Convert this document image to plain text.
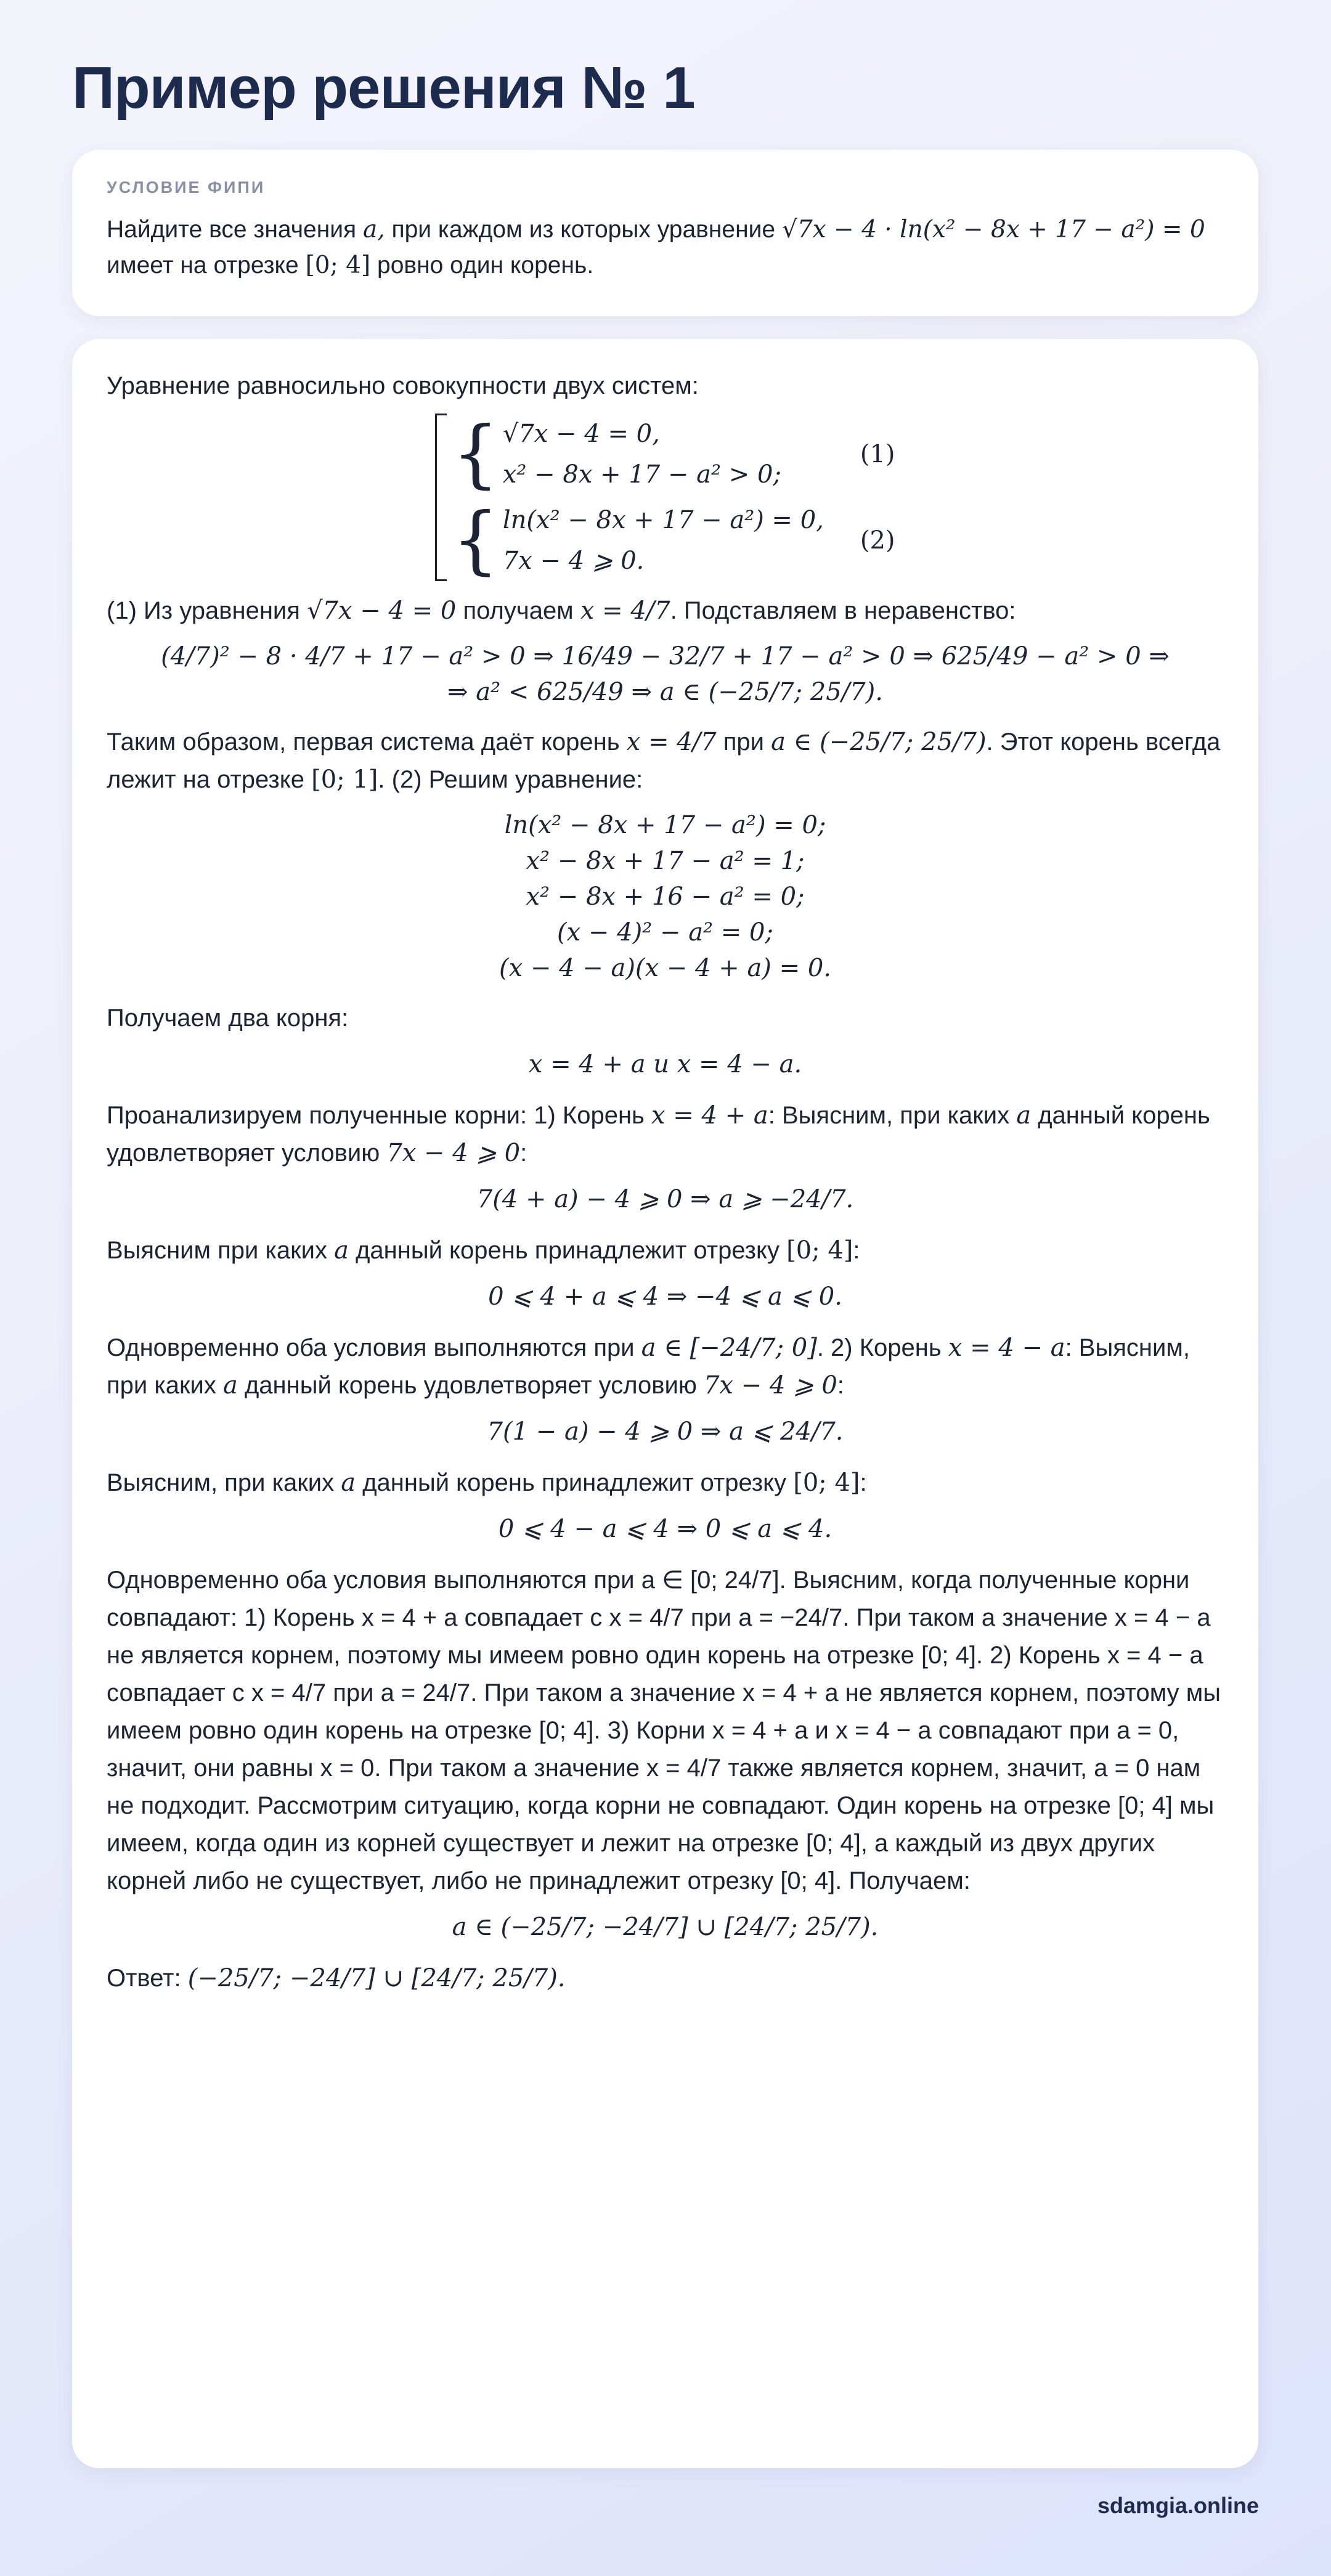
Пример решения № 1
УСЛОВИЕ ФИПИ
Найдите все значения a, при каждом из которых уравнение √7x − 4 · ln(x² − 8x + 17 − a²) = 0 имеет на отрезке [0; 4] ровно один корень.

Уравнение равносильно совокупности двух систем:

{ √7x − 4 = 0,
x² − 8x + 17 − a² > 0;
(1)
{ ln(x² − 8x + 17 − a²) = 0,
7x − 4 ⩾ 0.
(2)

(1) Из уравнения √7x − 4 = 0 получаем x = 4/7. Подставляем в неравенство:

(4/7)² − 8 · 4/7 + 17 − a² > 0 ⇒ 16/49 − 32/7 + 17 − a² > 0 ⇒ 625/49 − a² > 0 ⇒
⇒ a² < 625/49 ⇒ a ∈ (−25/7; 25/7).

Таким образом, первая система даёт корень x = 4/7 при a ∈ (−25/7; 25/7). Этот корень всегда лежит на отрезке [0; 1]. (2) Решим уравнение:

ln(x² − 8x + 17 − a²) = 0;
x² − 8x + 17 − a² = 1;
x² − 8x + 16 − a² = 0;
(x − 4)² − a² = 0;
(x − 4 − a)(x − 4 + a) = 0.

Получаем два корня:

x = 4 + a и x = 4 − a.

Проанализируем полученные корни: 1) Корень x = 4 + a: Выясним, при каких a данный корень удовлетворяет условию 7x − 4 ⩾ 0:

7(4 + a) − 4 ⩾ 0 ⇒ a ⩾ −24/7.

Выясним при каких a данный корень принадлежит отрезку [0; 4]:

0 ⩽ 4 + a ⩽ 4 ⇒ −4 ⩽ a ⩽ 0.

Одновременно оба условия выполняются при a ∈ [−24/7; 0]. 2) Корень x = 4 − a: Выясним, при каких a данный корень удовлетворяет условию 7x − 4 ⩾ 0:

7(1 − a) − 4 ⩾ 0 ⇒ a ⩽ 24/7.

Выясним, при каких a данный корень принадлежит отрезку [0; 4]:

0 ⩽ 4 − a ⩽ 4 ⇒ 0 ⩽ a ⩽ 4.

Одновременно оба условия выполняются при a ∈ [0; 24/7]. Выясним, когда полученные корни совпадают: 1) Корень x = 4 + a совпадает с x = 4/7 при a = −24/7. При таком a значение x = 4 − a не является корнем, поэтому мы имеем ровно один корень на отрезке [0; 4]. 2) Корень x = 4 − a совпадает с x = 4/7 при a = 24/7. При таком a значение x = 4 + a не является корнем, поэтому мы имеем ровно один корень на отрезке [0; 4]. 3) Корни x = 4 + a и x = 4 − a совпадают при a = 0, значит, они равны x = 0. При таком a значение x = 4/7 также является корнем, значит, a = 0 нам не подходит. Рассмотрим ситуацию, когда корни не совпадают. Один корень на отрезке [0; 4] мы имеем, когда один из корней существует и лежит на отрезке [0; 4], а каждый из двух других корней либо не существует, либо не принадлежит отрезку [0; 4]. Получаем:

a ∈ (−25/7; −24/7] ∪ [24/7; 25/7).

Ответ: (−25/7; −24/7] ∪ [24/7; 25/7).

sdamgia.online
